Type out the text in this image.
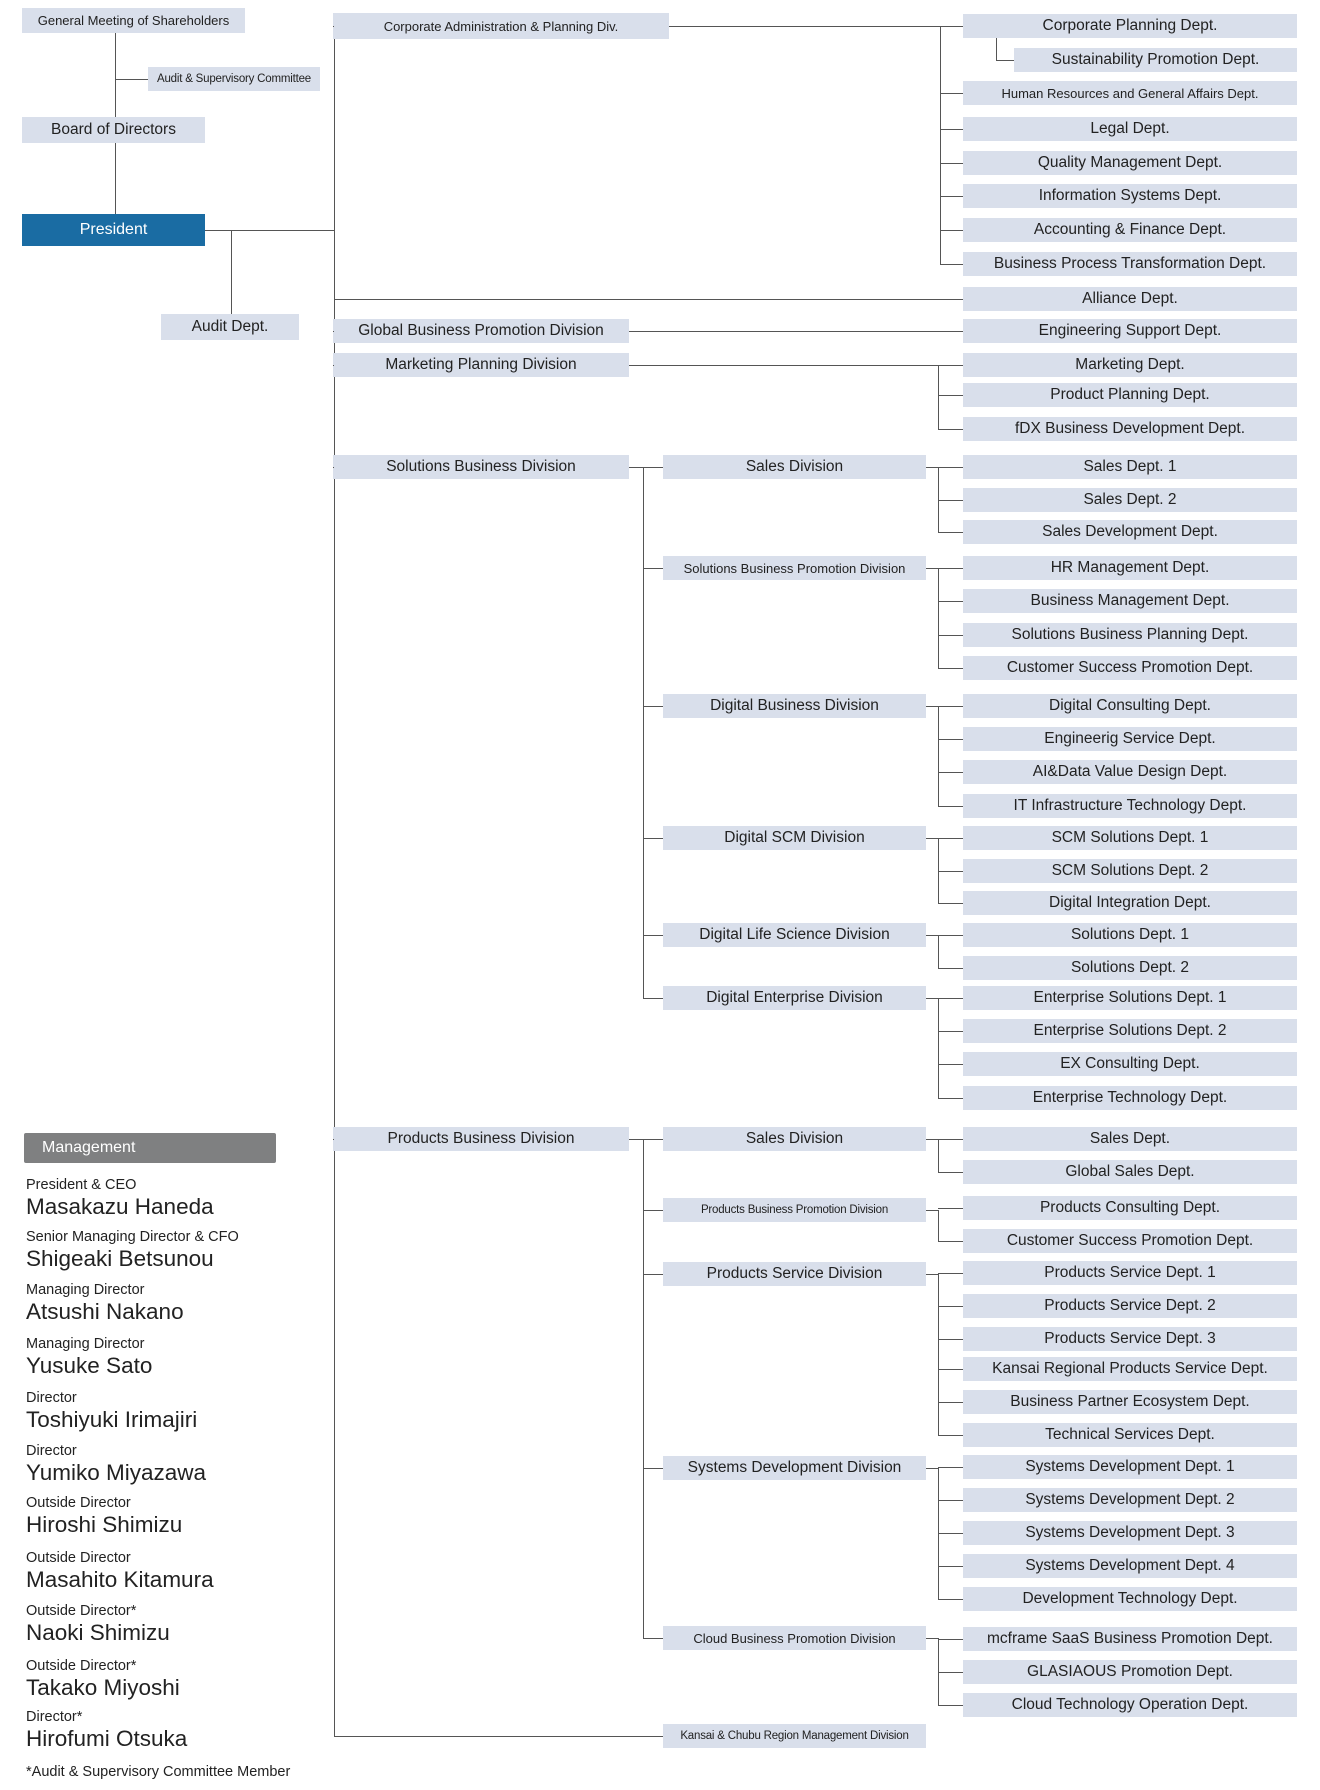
General Meeting of Shareholders
Audit & Supervisory Committee
Board of Directors
President
Audit Dept.
Corporate Administration & Planning Div.	Corporate Planning Dept.
Sustainability Promotion Dept.
Human Resources and General Affairs Dept.
Legal Dept.
Quality Management Dept.
Information Systems Dept.
Accounting & Finance Dept.
Business Process Transformation Dept.
Alliance Dept.
Global Business Promotion Division	Engineering Support Dept.
Marketing Planning Division	Marketing Dept.
Product Planning Dept.
fDX Business Development Dept.
Solutions Business Division	Sales Division	Sales Dept. 1
Sales Dept. 2
Sales Development Dept.
Solutions Business Promotion Division	HR Management Dept.
Business Management Dept.
Solutions Business Planning Dept.
Customer Success Promotion Dept.
Digital Business Division	Digital Consulting Dept.
Engineerig Service Dept.
AI&Data Value Design Dept.
IT Infrastructure Technology Dept.
Digital SCM Division	SCM Solutions Dept. 1
SCM Solutions Dept. 2
Digital Integration Dept.
Digital Life Science Division	Solutions Dept. 1
Solutions Dept. 2
Digital Enterprise Division	Enterprise Solutions Dept. 1
Enterprise Solutions Dept. 2
EX Consulting Dept.
Enterprise Technology Dept.
Products Business Division	Sales Division	Sales Dept.
Global Sales Dept.
Products Business Promotion Division	Products Consulting Dept.
Customer Success Promotion Dept.
Products Service Division	Products Service Dept. 1
Products Service Dept. 2
Products Service Dept. 3
Kansai Regional Products Service Dept.
Business Partner Ecosystem Dept.
Technical Services Dept.
Systems Development Division	Systems Development Dept. 1
Systems Development Dept. 2
Systems Development Dept. 3
Systems Development Dept. 4
Development Technology Dept.
Cloud Business Promotion Division	mcframe SaaS Business Promotion Dept.
GLASIAOUS Promotion Dept.
Cloud Technology Operation Dept.
Kansai & Chubu Region Management Division
Management
President & CEO
Masakazu Haneda
Senior Managing Director & CFO
Shigeaki Betsunou
Managing Director
Atsushi Nakano
Managing Director
Yusuke Sato
Director
Toshiyuki Irimajiri
Director
Yumiko Miyazawa
Outside Director
Hiroshi Shimizu
Outside Director
Masahito Kitamura
Outside Director*
Naoki Shimizu
Outside Director*
Takako Miyoshi
Director*
Hirofumi Otsuka
*Audit & Supervisory Committee Member
